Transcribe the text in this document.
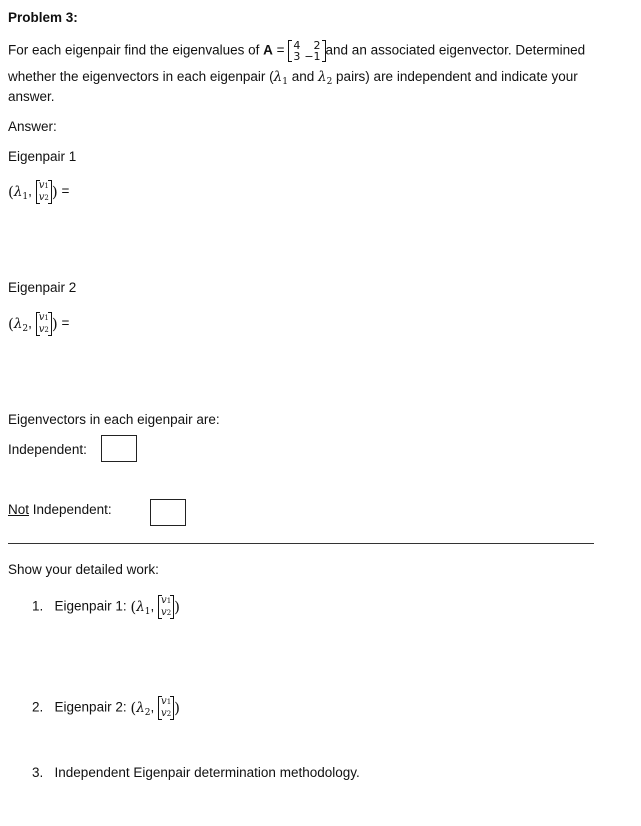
Problem 3:
For each eigenpair find the eigenvalues of A = 4	2
3	−1 and an associated eigenvector. Determined
whether the eigenvectors in each eigenpair ($\lambda_1$ and $\lambda_2$ pairs) are independent and indicate your
answer.
Answer:
Eigenpair 1
($\lambda_1$, v1
v2 ) =
Eigenpair 2
($\lambda_2$, v1
v2 ) =
Eigenvectors in each eigenpair are:
Independent:
Not Independent:
Show your detailed work:
1. Eigenpair 1: ($\lambda_1$, v1
v2 )
2. Eigenpair 2: ($\lambda_2$, v1
v2 )
3. Independent Eigenpair determination methodology.
